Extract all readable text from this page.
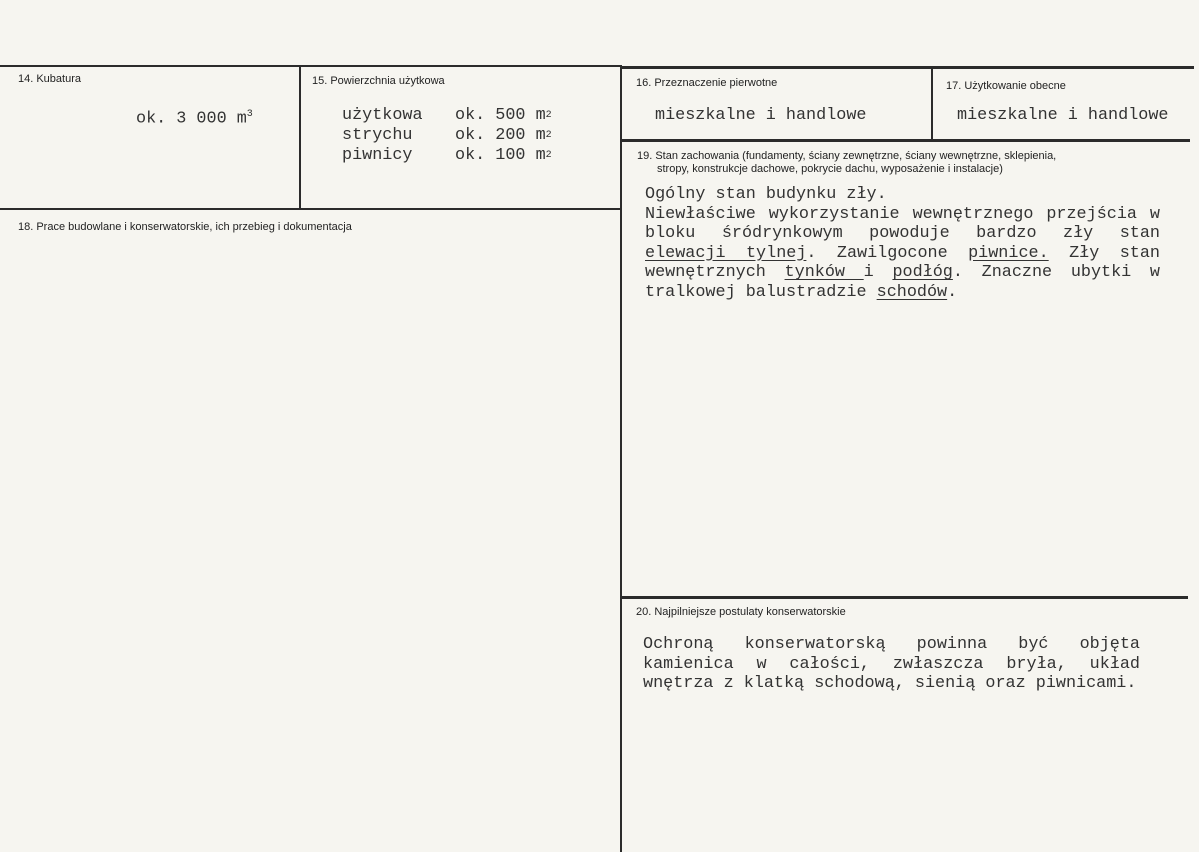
14. Kubatura
ok. 3 000 $m^3$
15. Powierzchnia użytkowa
użytkowa	ok. 500 m 2
strychu	ok. 200 m 2
piwnicy	ok. 100 m 2
16. Przeznaczenie pierwotne
mieszkalne i handlowe
17. Użytkowanie obecne
mieszkalne i handlowe
18. Prace budowlane i konserwatorskie, ich przebieg i dokumentacja
19. Stan zachowania (fundamenty, ściany zewnętrzne, ściany wewnętrzne, sklepienia,
stropy, konstrukcje dachowe, pokrycie dachu, wyposażenie i instalacje)
Ogólny stan budynku zły.
Niewłaściwe wykorzystanie wewnętrznego przejścia w
bloku śródrynkowym powoduje bardzo zły stan
elewacji tylnej. Zawilgocone piwnice. Zły stan
wewnętrznych tynków i podłóg. Znaczne ubytki w
tralkowej balustradzie schodów.
20. Najpilniejsze postulaty konserwatorskie
Ochroną konserwatorską powinna być objęta
kamienica w całości, zwłaszcza bryła, układ
wnętrza z klatką schodową, sienią oraz piwnicami.
